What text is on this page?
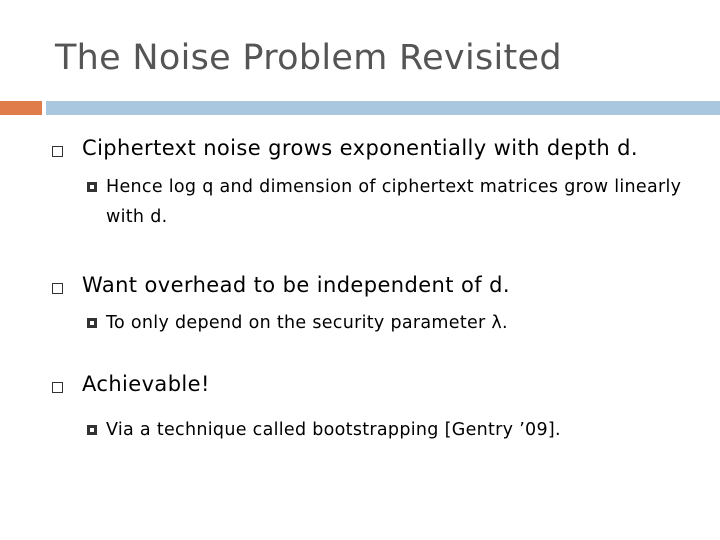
The Noise Problem Revisited
Ciphertext noise grows exponentially with depth d.
Hence log q and dimension of ciphertext matrices grow linearly with d.
Want overhead to be independent of d.
To only depend on the security parameter λ.
Achievable!
Via a technique called bootstrapping [Gentry ’09].
